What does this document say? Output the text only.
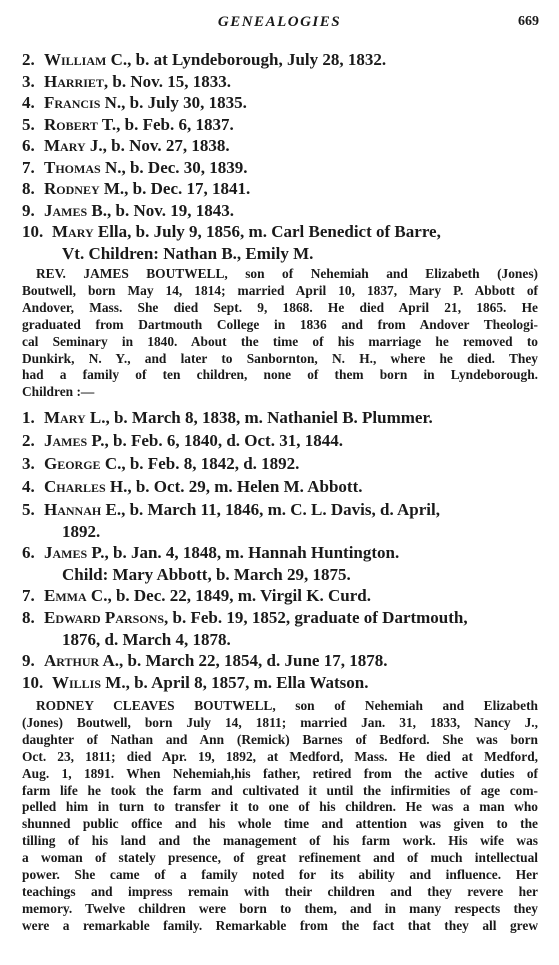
GENEALOGIES	669
2. William C., b. at Lyndeborough, July 28, 1832.
3. Harriet, b. Nov. 15, 1833.
4. Francis N., b. July 30, 1835.
5. Robert T., b. Feb. 6, 1837.
6. Mary J., b. Nov. 27, 1838.
7. Thomas N., b. Dec. 30, 1839.
8. Rodney M., b. Dec. 17, 1841.
9. James B., b. Nov. 19, 1843.
10. Mary Ella, b. July 9, 1856, m. Carl Benedict of Barre,
Vt. Children: Nathan B., Emily M.
REV. JAMES BOUTWELL, son of Nehemiah and Elizabeth (Jones)
Boutwell, born May 14, 1814; married April 10, 1837, Mary P. Abbott of
Andover, Mass. She died Sept. 9, 1868. He died April 21, 1865. He
graduated from Dartmouth College in 1836 and from Andover Theologi-
cal Seminary in 1840. About the time of his marriage he removed to
Dunkirk, N. Y., and later to Sanbornton, N. H., where he died. They
had a family of ten children, none of them born in Lyndeborough.
Children :—
1. Mary L., b. March 8, 1838, m. Nathaniel B. Plummer.
2. James P., b. Feb. 6, 1840, d. Oct. 31, 1844.
3. George C., b. Feb. 8, 1842, d. 1892.
4. Charles H., b. Oct. 29, m. Helen M. Abbott.
5. Hannah E., b. March 11, 1846, m. C. L. Davis, d. April,
1892.
6. James P., b. Jan. 4, 1848, m. Hannah Huntington.
Child: Mary Abbott, b. March 29, 1875.
7. Emma C., b. Dec. 22, 1849, m. Virgil K. Curd.
8. Edward Parsons, b. Feb. 19, 1852, graduate of Dartmouth,
1876, d. March 4, 1878.
9. Arthur A., b. March 22, 1854, d. June 17, 1878.
10. Willis M., b. April 8, 1857, m. Ella Watson.
RODNEY CLEAVES BOUTWELL, son of Nehemiah and Elizabeth
(Jones) Boutwell, born July 14, 1811; married Jan. 31, 1833, Nancy J.,
daughter of Nathan and Ann (Remick) Barnes of Bedford. She was born
Oct. 23, 1811; died Apr. 19, 1892, at Medford, Mass. He died at Medford,
Aug. 1, 1891. When Nehemiah,his father, retired from the active duties of
farm life he took the farm and cultivated it until the infirmities of age com-
pelled him in turn to transfer it to one of his children. He was a man who
shunned public office and his whole time and attention was given to the
tilling of his land and the management of his farm work. His wife was
a woman of stately presence, of great refinement and of much intellectual
power. She came of a family noted for its ability and influence. Her
teachings and impress remain with their children and they revere her
memory. Twelve children were born to them, and in many respects they
were a remarkable family. Remarkable from the fact that they all grew
